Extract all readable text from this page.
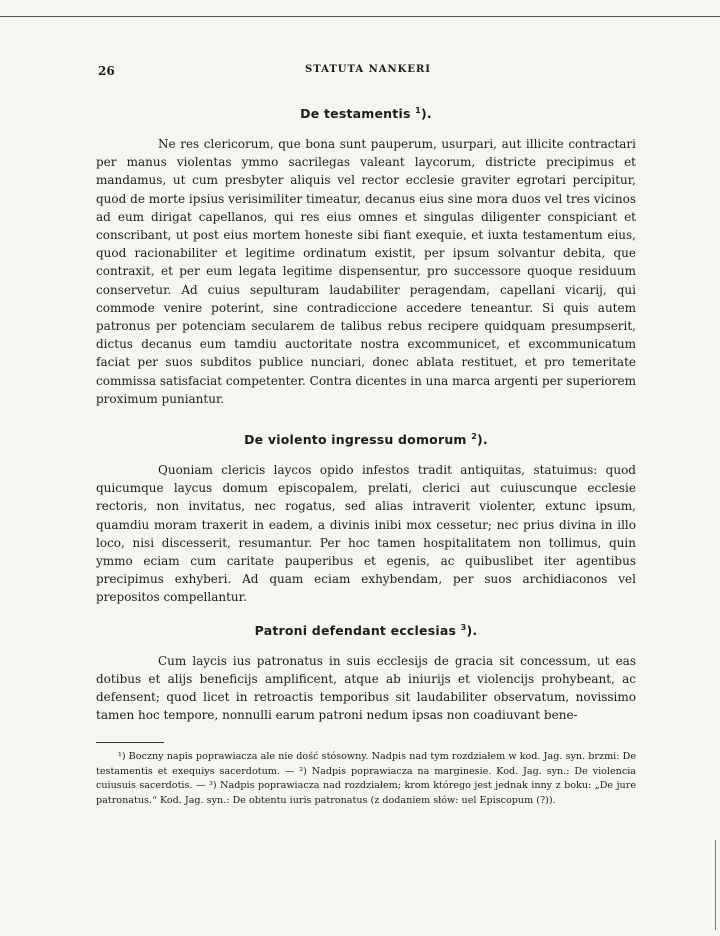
26	STATUTA NANKERI
De testamentis $^1$).

Ne res clericorum, que bona sunt pauperum, usurpari, aut illicite contractari per manus violentas ymmo sacrilegas valeant laycorum, districte precipimus et mandamus, ut cum presbyter aliquis vel rector ecclesie graviter egrotari percipitur, quod de morte ipsius verisimiliter timeatur, decanus eius sine mora duos vel tres vicinos ad eum dirigat capellanos, qui res eius omnes et singulas diligenter conspiciant et conscribant, ut post eius mortem honeste sibi fiant exequie, et iuxta testamentum eius, quod racionabiliter et legitime ordinatum existit, per ipsum solvantur debita, que contraxit, et per eum legata legitime dispensentur, pro successore quoque residuum conservetur. Ad cuius sepulturam laudabiliter peragendam, capellani vicarij, qui commode venire poterint, sine contradiccione accedere teneantur. Si quis autem patronus per potenciam secularem de talibus rebus recipere quidquam presumpserit, dictus decanus eum tamdiu auctoritate nostra excommunicet, et excommunicatum faciat per suos subditos publice nunciari, donec ablata restituet, et pro temeritate commissa satisfaciat competenter. Contra dicentes in una marca argenti per superiorem proximum puniantur.

De violento ingressu domorum $^2$).

Quoniam clericis laycos opido infestos tradit antiquitas, statuimus: quod quicumque laycus domum episcopalem, prelati, clerici aut cuiuscunque ecclesie rectoris, non invitatus, nec rogatus, sed alias intraverit violenter, extunc ipsum, quamdiu moram traxerit in eadem, a divinis inibi mox cessetur; nec prius divina in illo loco, nisi discesserit, resumantur. Per hoc tamen hospitalitatem non tollimus, quin ymmo eciam cum caritate pauperibus et egenis, ac quibuslibet iter agentibus precipimus exhyberi. Ad quam eciam exhybendam, per suos archidiaconos vel prepositos compellantur.

Patroni defendant ecclesias $^3$).

Cum laycis ius patronatus in suis ecclesijs de gracia sit concessum, ut eas dotibus et alijs beneficijs amplificent, atque ab iniurijs et violencijs prohybeant, ac defensent; quod licet in retroactis temporibus sit laudabiliter observatum, novissimo tamen hoc tempore, nonnulli earum patroni nedum ipsas non coadiuvant bene-

¹) Boczny napis poprawiacza ale nie dość stósowny. Nadpis nad tym rozdziałem w kod. Jag. syn. brzmi: De testamentis et exequiys sacerdotum. — ²) Nadpis poprawiacza na marginesie. Kod. Jag. syn.: De violencia cuiusuis sacerdotis. — ³) Nadpis poprawiacza nad rozdziałem; krom którego jest jednak inny z boku: „De jure patronatus.“ Kod. Jag. syn.: De obtentu iuris patronatus (z dodaniem słów: uel Episcopum (?)).
